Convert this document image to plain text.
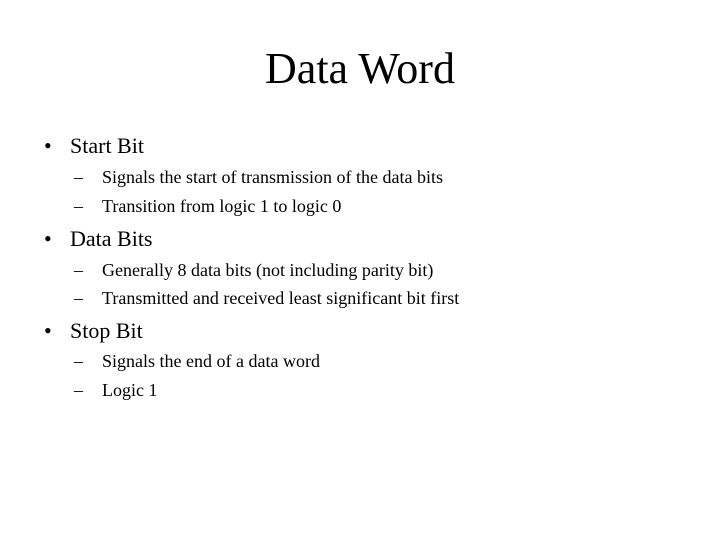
Data Word
• Start Bit
– Signals the start of transmission of the data bits
– Transition from logic 1 to logic 0
• Data Bits
– Generally 8 data bits (not including parity bit)
– Transmitted and received least significant bit first
• Stop Bit
– Signals the end of a data word
– Logic 1
